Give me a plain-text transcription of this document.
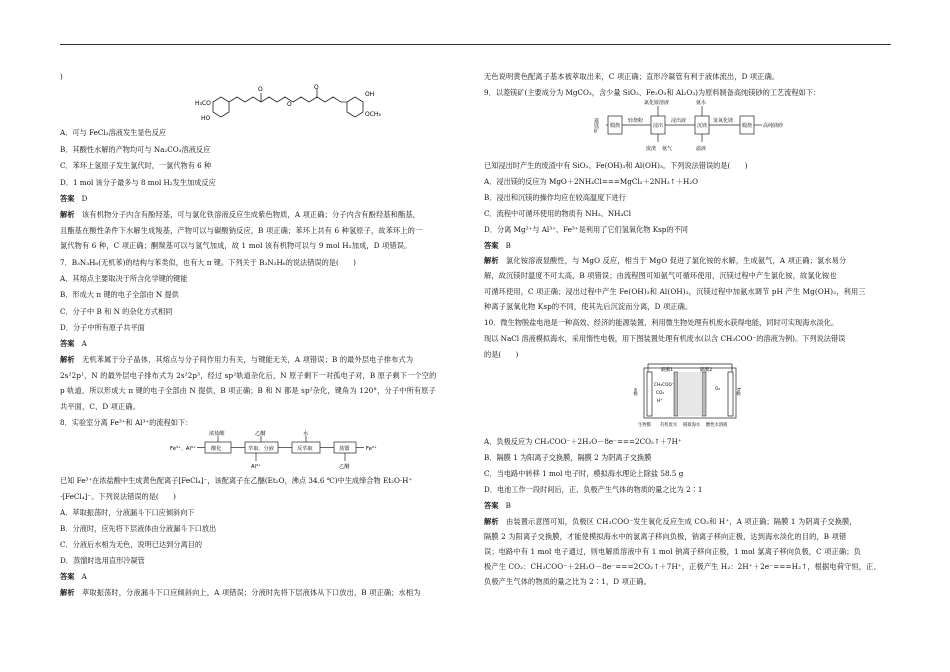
)
H₃CO
HO
O
O
O
OH
OCH₃
A．可与 FeCl₃溶液发生显色反应
B．其酸性水解的产物均可与 Na₂CO₃溶液反应
C．苯环上氢原子发生氯代时，一氯代物有 6 种
D．1 mol 该分子最多与 8 mol H₂发生加成反应
答案　 D
解析　 该有机物分子内含有酚羟基，可与氯化铁溶液反应生成紫色物质，A 项正确；分子内含有酚羟基和酯基，
且酯基在酸性条件下水解生成羧基，产物可以与碳酸钠反应，B 项正确；苯环上共有 6 种氢原子，故苯环上的一
氯代物有 6 种，C 项正确；酮羰基可以与氢气加成，故 1 mol 该有机物可以与 9 mol H₂加成，D 项错误。
7．B₃N₃H₆(无机苯)的结构与苯类似，也有大 π 键。下列关于 B₃N₃H₆的说法错误的是(　　)
A．其熔点主要取决于所含化学键的键能
B．形成大 π 键的电子全部由 N 提供
C．分子中 B 和 N 的杂化方式相同
D．分子中所有原子共平面
答案　 A
解析　 无机苯属于分子晶体，其熔点与分子间作用力有关，与键能无关，A 项错误；B 的最外层电子排布式为
2s²2p¹，N 的最外层电子排布式为 2s²2p³，经过 sp²轨道杂化后，N 原子剩下一对孤电子对，B 原子剩下一个空的
p 轨道，所以形成大 π 键的电子全部由 N 提供，B 项正确；B 和 N 都是 sp²杂化，键角为 120°，分子中所有原子
共平面，C、D 项正确。
8．实验室分离 Fe³⁺和 Al³⁺的流程如下：
Fe³⁺、Al³⁺
浓盐酸
酸化
乙醚
萃取、分液
水
反萃取	蒸馏	Fe³⁺
Al³⁺	乙醚
已知 Fe³⁺在浓盐酸中生成黄色配离子[FeCl₄]⁻，该配离子在乙醚(Et₂O，沸点 34.6 ℃)中生成缔合物 Et₂O·H⁺
·[FeCl₄]⁻。下列说法错误的是(　　)
A．萃取振荡时，分液漏斗下口应倾斜向下
B．分液时，应先将下层液体由分液漏斗下口放出
C．分液后水相为无色，说明已达到分离目的
D．蒸馏时选用直形冷凝管
答案　 A
解析　 萃取振荡时，分液漏斗下口应倾斜向上，A 项错误；分液时先将下层液体从下口放出，B 项正确；水相为
无色说明黄色配离子基本被萃取出来，C 项正确；直形冷凝管有利于液体流出，D 项正确。
9．以菱镁矿(主要成分为 MgCO₃，含少量 SiO₂、Fe₂O₃和 Al₂O₃)为原料制备高纯镁砂的工艺流程如下：
菱镁矿 煅烧
轻烧粉
氯化铵溶液
浸出
浸出液
氨水
沉镁
氢氧化镁
煅烧 高纯镁砂
废渣 氨气	滤液
已知浸出时产生的废渣中有 SiO₂、Fe(OH)₃和 Al(OH)₃。下列说法错误的是(　　)
A．浸出镁的反应为 MgO＋2NH₄Cl===MgCl₂＋2NH₃↑＋H₂O
B．浸出和沉镁的操作均应在较高温度下进行
C．流程中可循环使用的物质有 NH₃、NH₄Cl
D．分离 Mg²⁺与 Al³⁺、Fe³⁺是利用了它们氢氧化物 Ksp的不同
答案　 B
解析　 氯化铵溶液显酸性，与 MgO 反应，相当于 MgO 促进了氯化铵的水解，生成氨气，A 项正确；氯水易分
解，故沉镁时温度不可太高，B 项错误；由流程图可知氨气可循环使用，沉镁过程中产生氯化铵，故氯化铵也
可循环使用，C 项正确；浸出过程中产生 Fe(OH)₃和 Al(OH)₃，沉镁过程中加氨水调节 pH 产生 Mg(OH)₂，利用三
种离子氢氧化物 Ksp的不同，使其先后沉淀而分离，D 项正确。
10．微生物脱盐电池是一种高效、经济的能源装置，利用微生物处理有机废水获得电能，同时可实现海水淡化。
现以 NaCl 溶液模拟海水，采用惰性电极，用下图装置处理有机废水(以含 CH₃COO⁻的溶液为例)。下列说法错误
的是(　　)
隔膜1	隔膜2
a极	b极
CH₃COO⁻
CO₂
H⁺
O₂
生物膜 有机废水 模拟海水 酸性水溶液
A．负极反应为 CH₃COO⁻＋2H₂O－8e⁻===2CO₂↑＋7H⁺
B．隔膜 1 为阳离子交换膜，隔膜 2 为阴离子交换膜
C．当电路中转移 1 mol 电子时，模拟海水理论上除盐 58.5 g
D．电池工作一段时间后，正、负极产生气体的物质的量之比为 2∶1
答案　 B
解析　 由装置示意图可知，负极区 CH₃COO⁻发生氧化反应生成 CO₂和 H⁺，A 项正确；隔膜 1 为阴离子交换膜，
隔膜 2 为阳离子交换膜，才能使模拟海水中的氯离子移向负极，钠离子移向正极，达到海水淡化的目的，B 项错
误；电路中有 1 mol 电子通过，则电解质溶液中有 1 mol 钠离子移向正极，1 mol 氯离子移向负极，C 项正确；负
极产生 CO₂：CH₃COO⁻＋2H₂O－8e⁻===2CO₂↑＋7H⁺，正极产生 H₂：2H⁺＋2e⁻===H₂↑，根据电荷守恒，正、
负极产生气体的物质的量之比为 2∶1，D 项正确。
